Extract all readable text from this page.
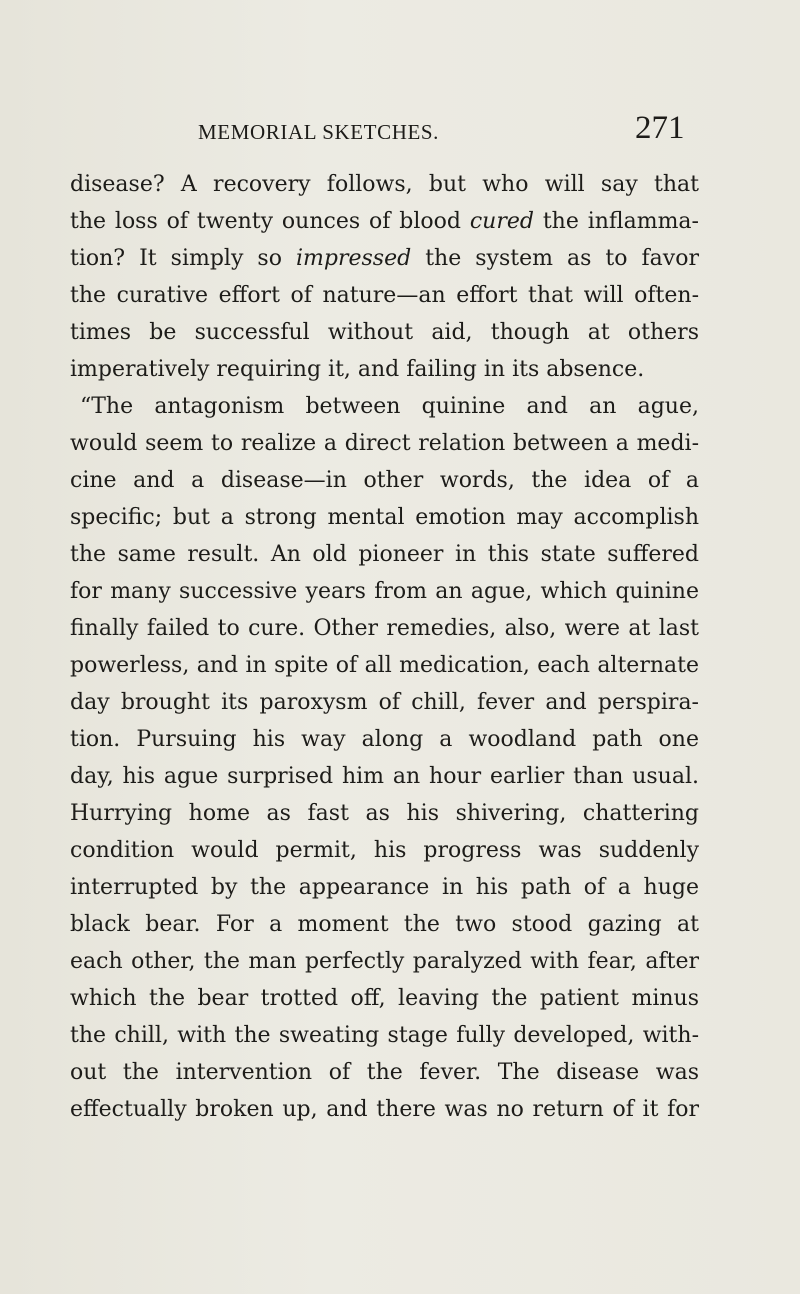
MEMORIAL SKETCHES.	271
disease? A recovery follows, but who will say that
the loss of twenty ounces of blood cured the inflamma-
tion? It simply so impressed the system as to favor
the curative effort of nature—an effort that will often-
times be successful without aid, though at others
imperatively requiring it, and failing in its absence.
“The antagonism between quinine and an ague,
would seem to realize a direct relation between a medi-
cine and a disease—in other words, the idea of a
specific; but a strong mental emotion may accomplish
the same result. An old pioneer in this state suffered
for many successive years from an ague, which quinine
finally failed to cure. Other remedies, also, were at last
powerless, and in spite of all medication, each alternate
day brought its paroxysm of chill, fever and perspira-
tion. Pursuing his way along a woodland path one
day, his ague surprised him an hour earlier than usual.
Hurrying home as fast as his shivering, chattering
condition would permit, his progress was suddenly
interrupted by the appearance in his path of a huge
black bear. For a moment the two stood gazing at
each other, the man perfectly paralyzed with fear, after
which the bear trotted off, leaving the patient minus
the chill, with the sweating stage fully developed, with-
out the intervention of the fever. The disease was
effectually broken up, and there was no return of it for
